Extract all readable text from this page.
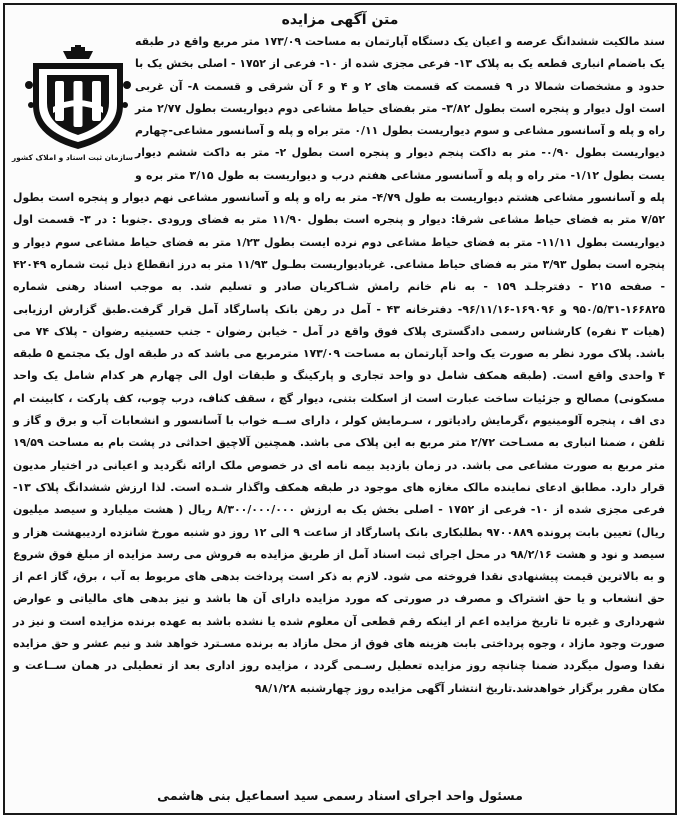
متن آگهی مزایده
سند مالکیت ششدانگ عرصه و اعیان یک دستگاه آپارتمان به مساحت ۱۷۳/۰۹ متر مربع واقع در طبقه یک باضمام انباری قطعه یک به پلاک ۱۳- فرعی مجزی شده از ۱۰- فرعی از ۱۷۵۲ - اصلی بخش یک با حدود و مشخصات شمالا در ۹ قسمت که قسمت های ۲ و ۴ و ۶ آن شرقی و قسمت ۸- آن غربی است اول دیوار و پنجره است بطول ۳/۸۲- متر بفضای حیاط مشاعی دوم دیواریست بطول ۲/۷۷ متر راه و پله و آسانسور مشاعی و سوم دیواریست بطول ۰/۱۱ متر براه و پله و آسانسور مشاعی-چهارم دیواریست بطول ۰/۹۰- متر به داکت پنجم دیوار و پنجره است بطول ۲- متر به داکت ششم دیوار یست بطول ۱/۱۲- متر راه و پله و آسانسور مشاعی هفتم درب و دیواریست به طول ۳/۱۵ متر بره و پله و آسانسور مشاعی هشتم دیواریست به طول ۴/۷۹- متر به راه و پله و آسانسور مشاعی نهم دیوار و پنجره است بطول ۷/۵۲ متر به فضای حیاط مشاعی شرقا: دیوار و پنجره است بطول ۱۱/۹۰ متر به فضای ورودی .جنوبا : در ۳- قسمت اول دیواریست بطول ۱۱/۱۱- متر به فضای حیاط مشاعی دوم نرده ایست بطول ۱/۲۳ متر به فضای حیاط مشاعی سوم دیوار و پنجره است بطول ۳/۹۳ متر به فضای حیاط مشاعی. غربادیواریست بطـول ۱۱/۹۳ متر به درز انقطاع ذیل ثبت شماره ۴۲۰۴۹ - صفحه ۲۱۵ - دفترجلـد ۱۵۹ - به نام خانم رامش شـاکریان صادر و تسلیم شد. به موجب اسناد رهنی شماره ۱۶۶۸۲۵-۹۵۰/۵/۳۱ و ۱۶۹۰۹۶-۹۶/۱۱/۱۶- دفترخانه ۴۳ - آمل در رهن بانک پاسارگاد آمل قرار گرفت.طبق گزارش ارزیابی (هیات ۳ نفره) کارشناس رسمی دادگستری پلاک فوق واقع در آمل - خیابن رضوان - جنب حسینیه رضوان - پلاک ۷۴ می باشد. پلاک مورد نظر به صورت یک واحد آپارتمان به مساحت ۱۷۳/۰۹ مترمربع می باشد که در طبقه اول یک مجتمع ۵ طبقه ۴ واحدی واقع است. (طبقه همکف شامل دو واحد تجاری و پارکینگ و طبقات اول الی چهارم هر کدام شامل یک واحد مسکونی) مصالح و جزئیات ساخت عبارت است از اسکلت بتنی، دیوار گچ ، سقف کناف، درب چوب، کف پارکت ، کابینت ام دی اف ، پنجره آلومینیوم ،گرمایش رادیاتور ، سـرمایش کولر ، دارای ســه خواب با آسانسور و انشعابات آب و برق و گاز و تلفن ، ضمنا انباری به مسـاحت ۲/۷۲ متر مربع به این پلاک می باشد. همچنین آلاچیق احداثی در پشت بام به مساحت ۱۹/۵۹ متر مربع به صورت مشاعی می باشد. در زمان بازدید بیمه نامه ای در خصوص ملک ارائه نگردید و اعیانی در اختیار مدیون قرار دارد. مطابق ادعای نماینده مالک مغازه های موجود در طبقه همکف واگذار شـده است. لذا ارزش ششدانگ پلاک ۱۳- فرعی مجزی شده از ۱۰- فرعی از ۱۷۵۲ - اصلی بخش یک به ارزش ۸/۳۰۰/۰۰۰/۰۰۰ ریال ( هشت میلیارد و سیصد میلیون ریال) تعیین بابت پرونده ۹۷۰۰۸۸۹ بطلبکاری بانک پاسارگاد از ساعت ۹ الی ۱۲ روز دو شنبه مورخ شانزده اردیبهشت هزار و سیصد و نود و هشت ۹۸/۲/۱۶ در محل اجرای ثبت اسناد آمل از طریق مزایده به فروش می رسد مزایده از مبلغ فوق شروع و به بالاترین قیمت پیشنهادی نقدا فروخته می شود. لازم به ذکر است پرداخت بدهی های مربوط به آب ، برق، گاز اعم از حق انشعاب و یا حق اشتراک و مصرف در صورتی که مورد مزایده دارای آن ها باشد و نیز بدهی های مالیاتی و عوارض شهرداری و غیره تا تاریخ مزایده اعم از اینکه رقم قطعی آن معلوم شده یا نشده باشد به عهده برنده مزایده است و نیز در صورت وجود مازاد ، وجوه پرداختی بابت هزینه های فوق از محل مازاد به برنده مسـترد خواهد شد و نیم عشر و حق مزایده نقدا وصول میگردد ضمنا چنانچه روز مزایده تعطیل رسـمی گردد ، مزایده روز اداری بعد از تعطیلی در همان ســاعت و مکان مقرر برگزار خواهدشد.تاریخ انتشار آگهی مزایده روز چهارشنبه ۹۸/۱/۲۸
سازمان ثبت اسناد و املاک کشور
مسئول واحد اجرای اسناد رسمی سید اسماعیل بنی هاشمی
